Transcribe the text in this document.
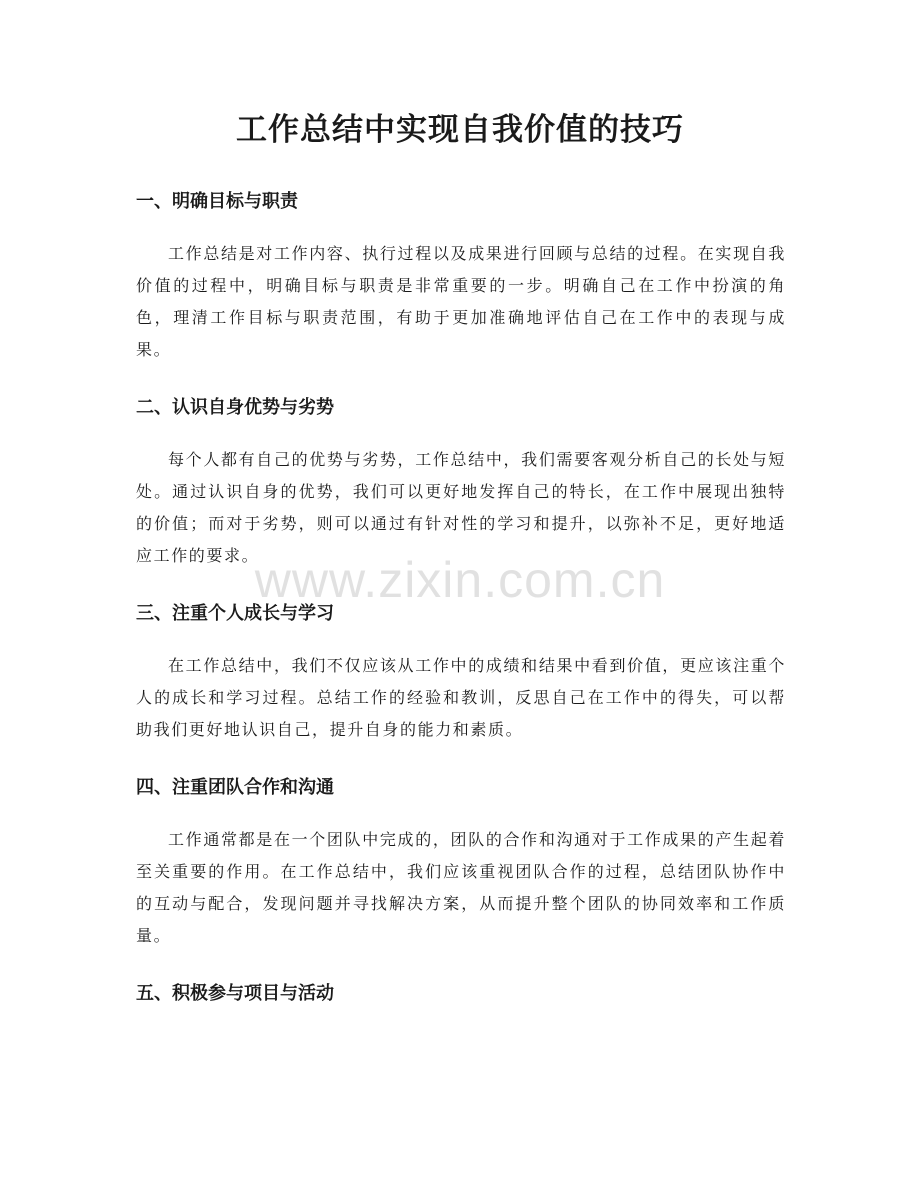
工作总结中实现自我价值的技巧
一、明确目标与职责

工作总结是对工作内容、执行过程以及成果进行回顾与总结的过程。在实现自我价值的过程中，明确目标与职责是非常重要的一步。明确自己在工作中扮演的角色，理清工作目标与职责范围，有助于更加准确地评估自己在工作中的表现与成果。

二、认识自身优势与劣势

每个人都有自己的优势与劣势，工作总结中，我们需要客观分析自己的长处与短处。通过认识自身的优势，我们可以更好地发挥自己的特长，在工作中展现出独特的价值；而对于劣势，则可以通过有针对性的学习和提升，以弥补不足，更好地适应工作的要求。

三、注重个人成长与学习

在工作总结中，我们不仅应该从工作中的成绩和结果中看到价值，更应该注重个人的成长和学习过程。总结工作的经验和教训，反思自己在工作中的得失，可以帮助我们更好地认识自己，提升自身的能力和素质。

四、注重团队合作和沟通

工作通常都是在一个团队中完成的，团队的合作和沟通对于工作成果的产生起着至关重要的作用。在工作总结中，我们应该重视团队合作的过程，总结团队协作中的互动与配合，发现问题并寻找解决方案，从而提升整个团队的协同效率和工作质量。

五、积极参与项目与活动
www.zixin.com.cn
